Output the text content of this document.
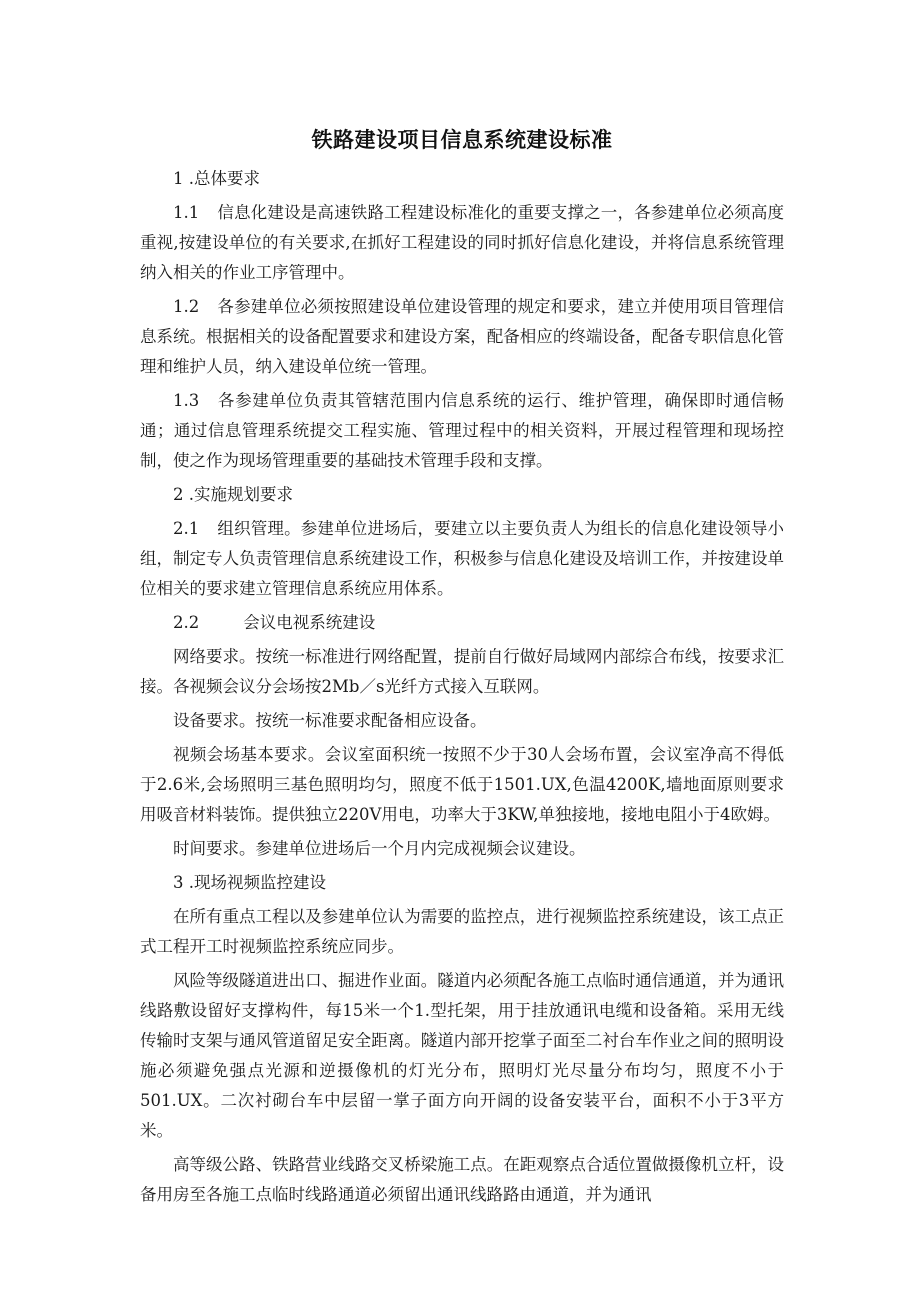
铁路建设项目信息系统建设标准
1 .总体要求

1.1 信息化建设是高速铁路工程建设标准化的重要支撑之一，各参建单位必须高度重视,按建设单位的有关要求,在抓好工程建设的同时抓好信息化建设，并将信息系统管理纳入相关的作业工序管理中。

1.2 各参建单位必须按照建设单位建设管理的规定和要求，建立并使用项目管理信息系统。根据相关的设备配置要求和建设方案，配备相应的终端设备，配备专职信息化管理和维护人员，纳入建设单位统一管理。

1.3 各参建单位负责其管辖范围内信息系统的运行、维护管理，确保即时通信畅通；通过信息管理系统提交工程实施、管理过程中的相关资料，开展过程管理和现场控制，使之作为现场管理重要的基础技术管理手段和支撑。

2 .实施规划要求

2.1 组织管理。参建单位进场后，要建立以主要负责人为组长的信息化建设领导小组，制定专人负责管理信息系统建设工作，积极参与信息化建设及培训工作，并按建设单位相关的要求建立管理信息系统应用体系。

2.2	会议电视系统建设

网络要求。按统一标准进行网络配置，提前自行做好局域网内部综合布线，按要求汇接。各视频会议分会场按2Mb／s光纤方式接入互联网。

设备要求。按统一标准要求配备相应设备。

视频会场基本要求。会议室面积统一按照不少于30人会场布置，会议室净高不得低于2.6米,会场照明三基色照明均匀，照度不低于1501.UX,色温4200K,墙地面原则要求用吸音材料装饰。提供独立220V用电，功率大于3KW,单独接地，接地电阻小于4欧姆。

时间要求。参建单位进场后一个月内完成视频会议建设。

3 .现场视频监控建设

在所有重点工程以及参建单位认为需要的监控点，进行视频监控系统建设，该工点正式工程开工时视频监控系统应同步。

风险等级隧道进出口、掘进作业面。隧道内必须配各施工点临时通信通道，并为通讯线路敷设留好支撑构件，每15米一个1.型托架，用于挂放通讯电缆和设备箱。采用无线传输时支架与通风管道留足安全距离。隧道内部开挖掌子面至二衬台车作业之间的照明设施必须避免强点光源和逆摄像机的灯光分布，照明灯光尽量分布均匀，照度不小于501.UX。二次衬砌台车中层留一掌子面方向开阔的设备安装平台，面积不小于3平方米。

高等级公路、铁路营业线路交叉桥梁施工点。在距观察点合适位置做摄像机立杆，设备用房至各施工点临时线路通道必须留出通讯线路路由通道，并为通讯
